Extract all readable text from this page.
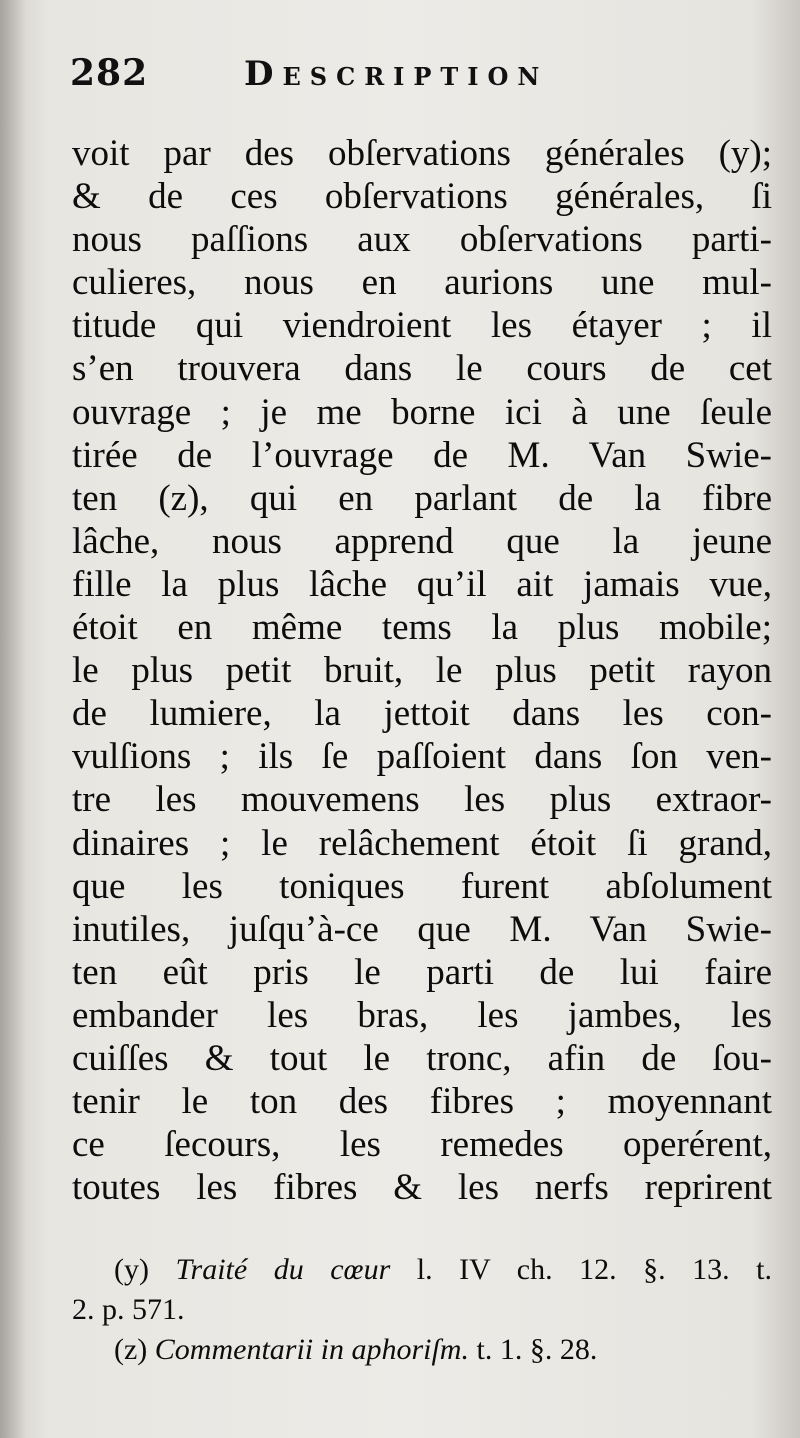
282	Description
voit par des obſervations générales (y);
& de ces obſervations générales, ſi
nous paſſions aux obſervations parti-
culieres, nous en aurions une mul-
titude qui viendroient les étayer ; il
s’en trouvera dans le cours de cet
ouvrage ; je me borne ici à une ſeule
tirée de l’ouvrage de M. Van Swie-
ten (z), qui en parlant de la fibre
lâche, nous apprend que la jeune
fille la plus lâche qu’il ait jamais vue,
étoit en même tems la plus mobile;
le plus petit bruit, le plus petit rayon
de lumiere, la jettoit dans les con-
vulſions ; ils ſe paſſoient dans ſon ven-
tre les mouvemens les plus extraor-
dinaires ; le relâchement étoit ſi grand,
que les toniques furent abſolument
inutiles, juſqu’à-ce que M. Van Swie-
ten eût pris le parti de lui faire
embander les bras, les jambes, les
cuiſſes & tout le tronc, afin de ſou-
tenir le ton des fibres ; moyennant
ce ſecours, les remedes operérent,
toutes les fibres & les nerfs reprirent
(y) Traité du cœur l. IV ch. 12. §. 13. t.
2. p. 571.
(z) Commentarii in aphoriſm. t. 1. §. 28.
